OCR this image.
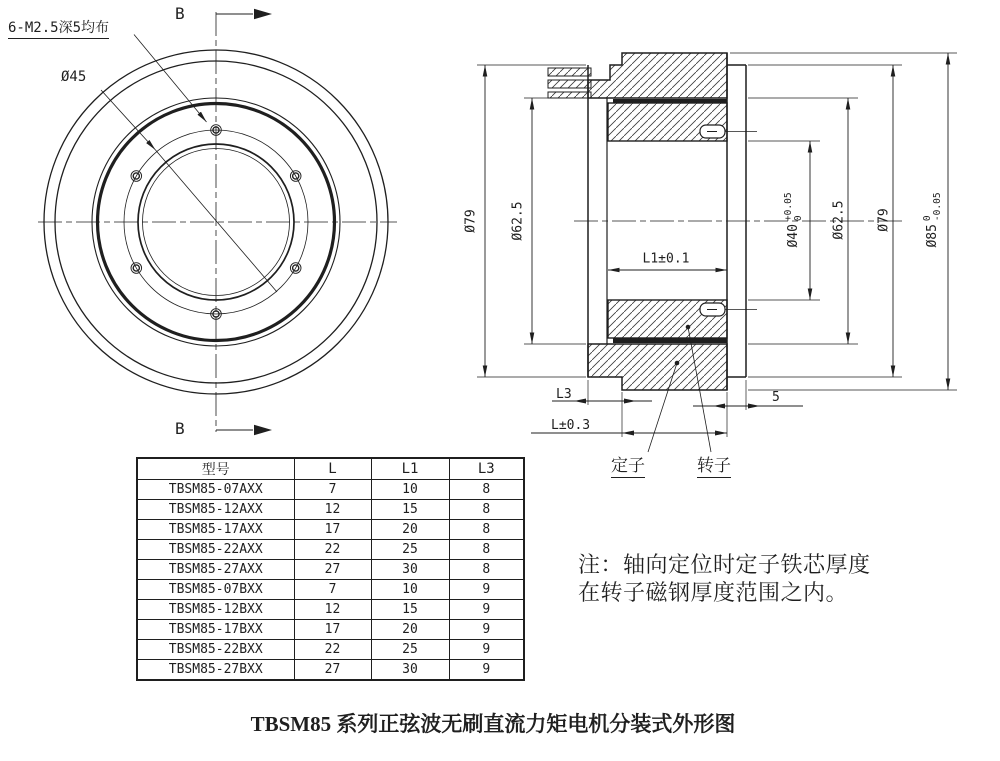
6-M2.5深5均布
Ø45
B
B
Ø79 Ø62.5	Ø40
+0.05
0 Ø62.5 Ø79
Ø85
0
-0.05
L1±0.1
L3	5
L±0.3
定子	转子
型号	L	L1	L3
TBSM85-07AXX	7	10	8
TBSM85-12AXX	12	15	8
TBSM85-17AXX	17	20	8
TBSM85-22AXX	22	25	8
TBSM85-27AXX	27	30	8
TBSM85-07BXX	7	10	9
TBSM85-12BXX	12	15	9
TBSM85-17BXX	17	20	9
TBSM85-22BXX	22	25	9
TBSM85-27BXX	27	30	9
注：轴向定位时定子铁芯厚度
在转子磁钢厚度范围之内。
TBSM85 系列正弦波无刷直流力矩电机分装式外形图
